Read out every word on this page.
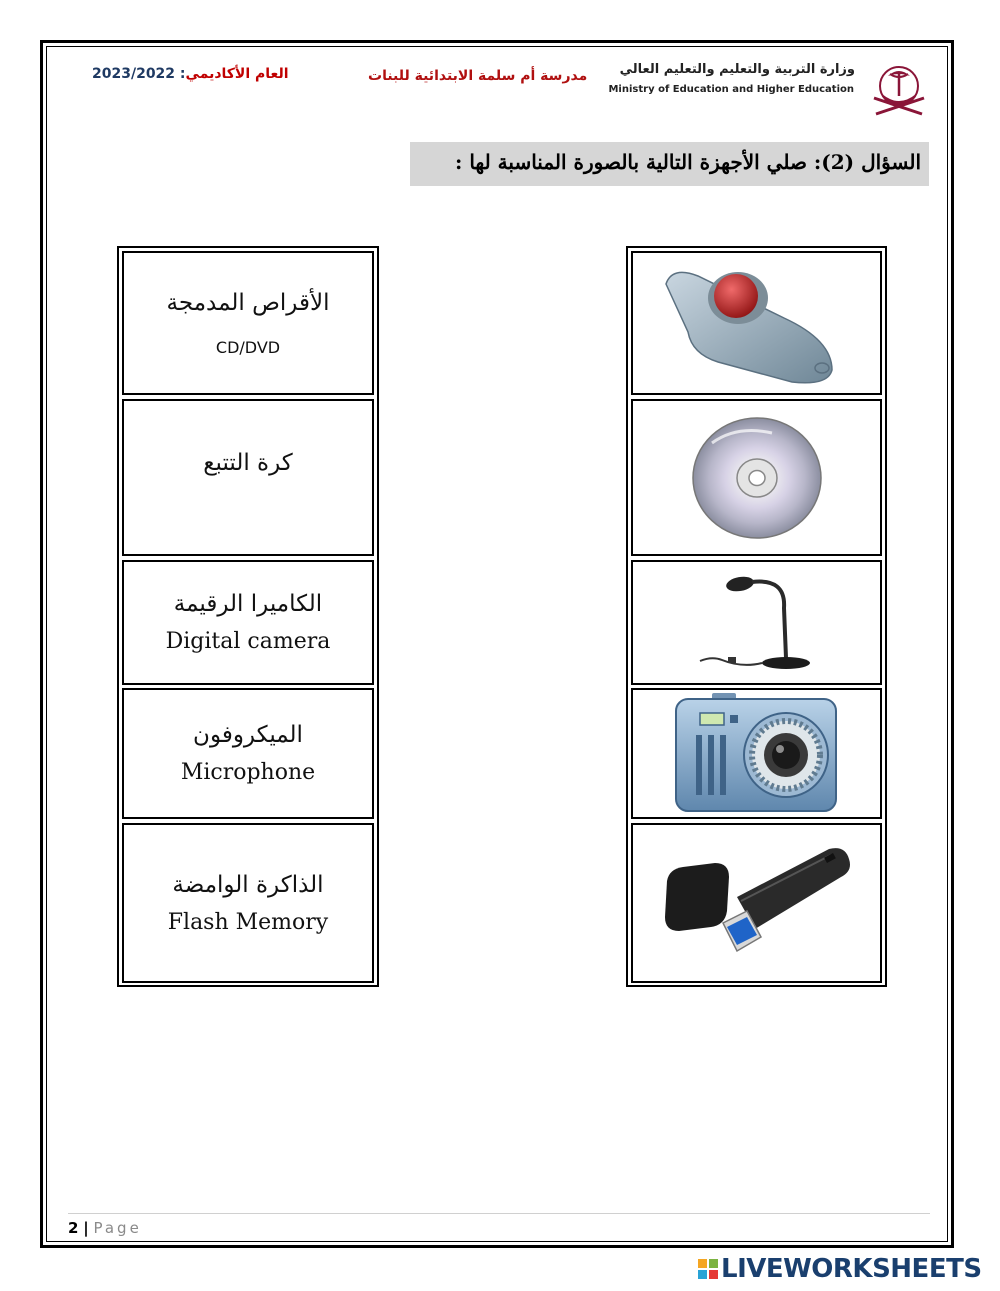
العام الأكاديمي: 2023/2022	مدرسة أم سلمة الابتدائية للبنات وزارة التربية والتعليم والتعليم العالي
Ministry of Education and Higher Education
السؤال (2): صلي الأجهزة التالية بالصورة المناسبة لها :
الأقراص المدمجة
CD/DVD
كرة التتبع
الكاميرا الرقيمة
Digital camera
الميكروفون
Microphone
الذاكرة الوامضة
Flash Memory
2 | Page
LIVEWORKSHEETS
